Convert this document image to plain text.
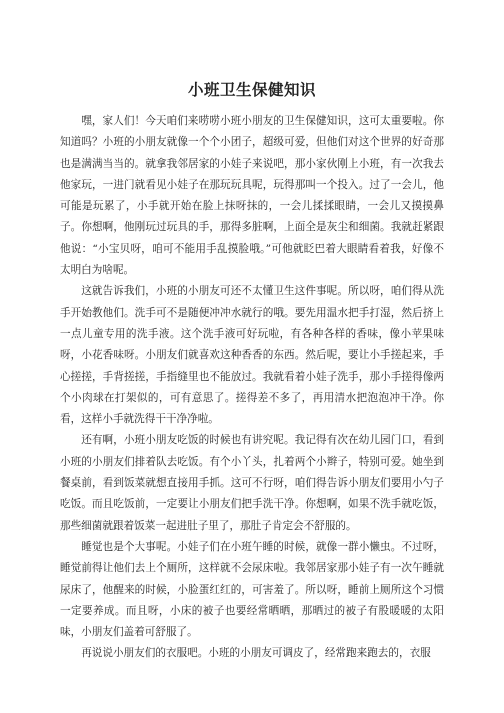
小班卫生保健知识

嘿，家人们！今天咱们来唠唠小班小朋友的卫生保健知识，这可太重要啦。你知道吗？小班的小朋友就像一个个小团子，超级可爱，但他们对这个世界的好奇那也是满满当当的。就拿我邻居家的小娃子来说吧，那小家伙刚上小班，有一次我去他家玩，一进门就看见小娃子在那玩玩具呢，玩得那叫一个投入。过了一会儿，他可能是玩累了，小手就开始在脸上抹呀抹的，一会儿揉揉眼睛，一会儿又摸摸鼻子。你想啊，他刚玩过玩具的手，那得多脏啊，上面全是灰尘和细菌。我就赶紧跟他说：“小宝贝呀，咱可不能用手乱摸脸哦。”可他就眨巴着大眼睛看着我，好像不太明白为啥呢。

这就告诉我们，小班的小朋友可还不太懂卫生这件事呢。所以呀，咱们得从洗手开始教他们。洗手可不是随便冲冲水就行的哦。要先用温水把手打湿，然后挤上一点儿童专用的洗手液。这个洗手液可好玩啦，有各种各样的香味，像小苹果味呀，小花香味呀。小朋友们就喜欢这种香香的东西。然后呢，要让小手搓起来，手心搓搓，手背搓搓，手指缝里也不能放过。我就看着小娃子洗手，那小手搓得像两个小肉球在打架似的，可有意思了。搓得差不多了，再用清水把泡泡冲干净。你看，这样小手就洗得干干净净啦。

还有啊，小班小朋友吃饭的时候也有讲究呢。我记得有次在幼儿园门口，看到小班的小朋友们排着队去吃饭。有个小丫头，扎着两个小辫子，特别可爱。她坐到餐桌前，看到饭菜就想直接用手抓。这可不行呀，咱们得告诉小朋友们要用小勺子吃饭。而且吃饭前，一定要让小朋友们把手洗干净。你想啊，如果不洗手就吃饭，那些细菌就跟着饭菜一起进肚子里了，那肚子肯定会不舒服的。

睡觉也是个大事呢。小娃子们在小班午睡的时候，就像一群小懒虫。不过呀，睡觉前得让他们去上个厕所，这样就不会尿床啦。我邻居家那小娃子有一次午睡就尿床了，他醒来的时候，小脸蛋红红的，可害羞了。所以呀，睡前上厕所这个习惯一定要养成。而且呀，小床的被子也要经常晒晒，那晒过的被子有股暖暖的太阳味，小朋友们盖着可舒服了。

再说说小朋友们的衣服吧。小班的小朋友可调皮了，经常跑来跑去的，衣服
